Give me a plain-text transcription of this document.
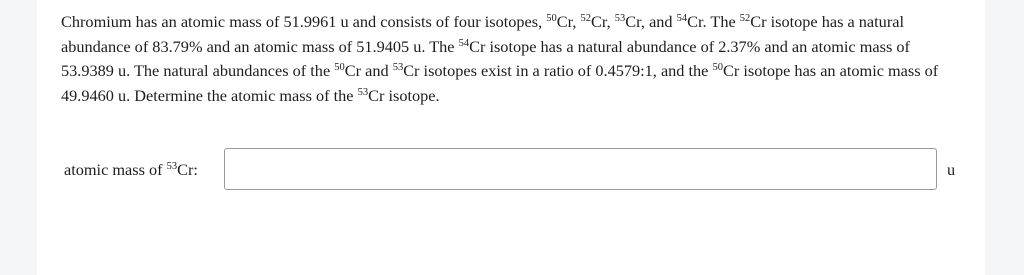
Chromium has an atomic mass of 51.9961 u and consists of four isotopes, $^{50}$Cr, $^{52}$Cr, $^{53}$Cr, and $^{54}$Cr. The $^{52}$Cr isotope has a natural abundance of 83.79% and an atomic mass of 51.9405 u. The $^{54}$Cr isotope has a natural abundance of 2.37% and an atomic mass of 53.9389 u. The natural abundances of the $^{50}$Cr and $^{53}$Cr isotopes exist in a ratio of 0.4579:1, and the $^{50}$Cr isotope has an atomic mass of 49.9460 u. Determine the atomic mass of the $^{53}$Cr isotope.
atomic mass of $^{53}$Cr:	u
